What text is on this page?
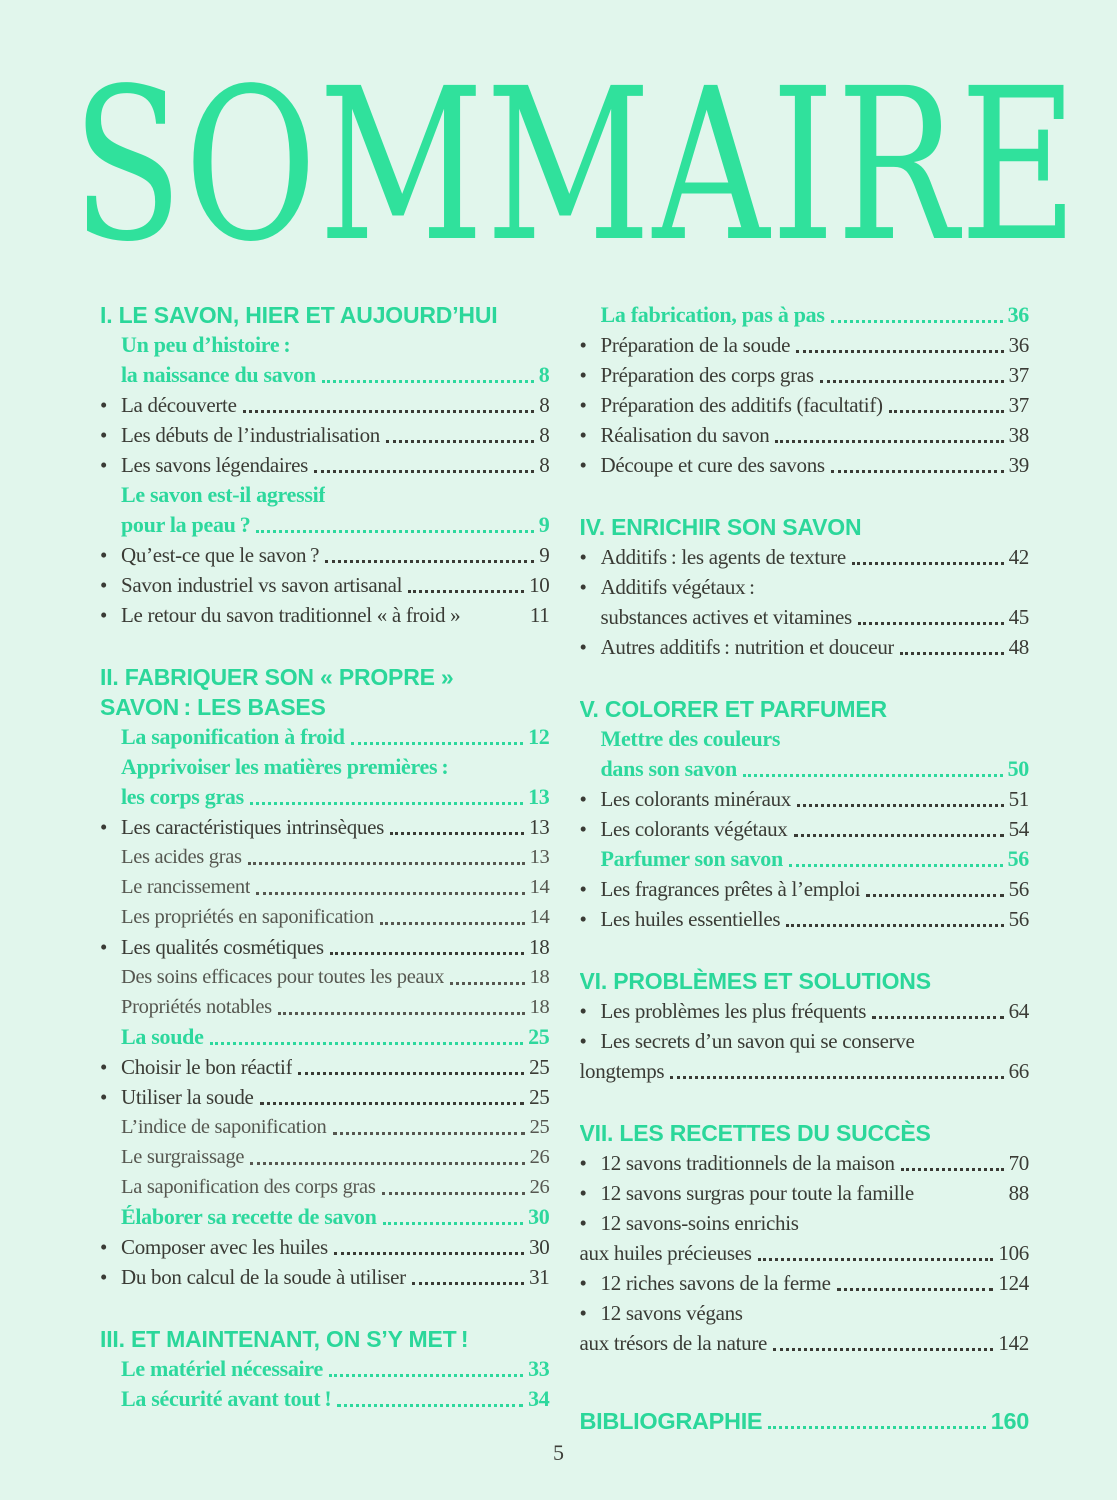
SOMMAIRE
I. LE SAVON, HIER ET AUJOURD’HUI
Un peu d’histoire :
la naissance du savon	8
• La découverte	8
• Les débuts de l’industrialisation	8
• Les savons légendaires	8
Le savon est-il agressif
pour la peau ?	9
• Qu’est-ce que le savon ?	9
• Savon industriel vs savon artisanal	10
• Le retour du savon traditionnel « à froid »	11
II. FABRIQUER SON « PROPRE »
SAVON : LES BASES
La saponification à froid	12
Apprivoiser les matières premières :
les corps gras	13
• Les caractéristiques intrinsèques	13
Les acides gras	13
Le rancissement	14
Les propriétés en saponification	14
• Les qualités cosmétiques	18
Des soins efficaces pour toutes les peaux	18
Propriétés notables	18
La soude	25
• Choisir le bon réactif	25
• Utiliser la soude	25
L’indice de saponification	25
Le surgraissage	26
La saponification des corps gras	26
Élaborer sa recette de savon	30
• Composer avec les huiles	30
• Du bon calcul de la soude à utiliser	31
III. ET MAINTENANT, ON S’Y MET !
Le matériel nécessaire	33
La sécurité avant tout !	34
La fabrication, pas à pas	36
• Préparation de la soude	36
• Préparation des corps gras	37
• Préparation des additifs (facultatif)	37
• Réalisation du savon	38
• Découpe et cure des savons	39
IV. ENRICHIR SON SAVON
• Additifs : les agents de texture	42
• Additifs végétaux :
substances actives et vitamines	45
• Autres additifs : nutrition et douceur	48
V. COLORER ET PARFUMER
Mettre des couleurs
dans son savon	50
• Les colorants minéraux	51
• Les colorants végétaux	54
Parfumer son savon	56
• Les fragrances prêtes à l’emploi	56
• Les huiles essentielles	56
VI. PROBLÈMES ET SOLUTIONS
• Les problèmes les plus fréquents	64
• Les secrets d’un savon qui se conserve
longtemps	66
VII. LES RECETTES DU SUCCÈS
• 12 savons traditionnels de la maison	70
• 12 savons surgras pour toute la famille	88
• 12 savons-soins enrichis
aux huiles précieuses	106
• 12 riches savons de la ferme	124
• 12 savons végans
aux trésors de la nature	142
BIBLIOGRAPHIE	160
5
